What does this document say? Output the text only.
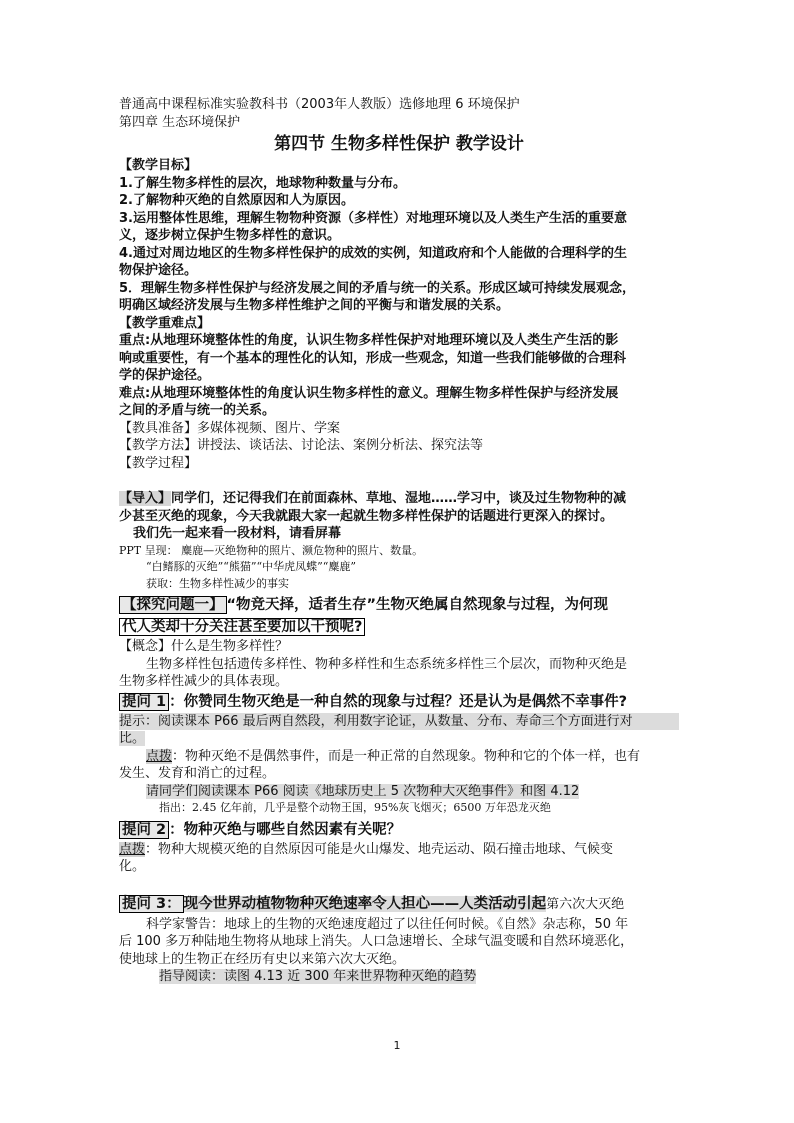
普通高中课程标准实验教科书（2003年人教版）选修地理 6 环境保护
第四章 生态环境保护
第四节 生物多样性保护 教学设计
【教学目标】
1.了解生物多样性的层次，地球物种数量与分布。
2.了解物种灭绝的自然原因和人为原因。
3.运用整体性思维，理解生物物种资源（多样性）对地理环境以及人类生产生活的重要意
义，逐步树立保护生物多样性的意识。
4.通过对周边地区的生物多样性保护的成效的实例，知道政府和个人能做的合理科学的生
物保护途径。
5．理解生物多样性保护与经济发展之间的矛盾与统一的关系。形成区域可持续发展观念，
明确区域经济发展与生物多样性维护之间的平衡与和谐发展的关系。
【教学重难点】
重点:从地理环境整体性的角度，认识生物多样性保护对地理环境以及人类生产生活的影
响或重要性，有一个基本的理性化的认知，形成一些观念，知道一些我们能够做的合理科
学的保护途径。
难点:从地理环境整体性的角度认识生物多样性的意义。理解生物多样性保护与经济发展
之间的矛盾与统一的关系。
【教具准备】多媒体视频、图片、学案
【教学方法】讲授法、谈话法、讨论法、案例分析法、探究法等
【教学过程】
【导入】同学们，还记得我们在前面森林、草地、湿地……学习中，谈及过生物物种的减
少甚至灭绝的现象，今天我就跟大家一起就生物多样性保护的话题进行更深入的探讨。
我们先一起来看一段材料，请看屏幕
PPT 呈现： 麋鹿—灭绝物种的照片、濒危物种的照片、数量。
“白鳍豚的灭绝”“熊猫”“中华虎凤蝶”“麋鹿”
获取：生物多样性减少的事实
【探究问题一】 “物竞天择，适者生存”生物灭绝属自然现象与过程，为何现
代人类却十分关注甚至要加以干预呢?
【概念】什么是生物多样性？
生物多样性包括遗传多样性、物种多样性和生态系统多样性三个层次，而物种灭绝是
生物多样性减少的具体表现。
提问 1 ：你赞同生物灭绝是一种自然的现象与过程？还是认为是偶然不幸事件?
提示：阅读课本 P66 最后两自然段，利用数字论证，从数量、分布、寿命三个方面进行对
比。
点拨：物种灭绝不是偶然事件，而是一种正常的自然现象。物种和它的个体一样，也有
发生、发育和消亡的过程。
请同学们阅读课本 P66 阅读《地球历史上 5 次物种大灭绝事件》和图 4.12
指出：2.45 亿年前，几乎是整个动物王国，95%灰飞烟灭；6500 万年恐龙灭绝
提问 2 ：物种灭绝与哪些自然因素有关呢？
点拨：物种大规模灭绝的自然原因可能是火山爆发、地壳运动、陨石撞击地球、气候变
化。
提问 3： 现今世界动植物物种灭绝速率令人担心——人类活动引起第六次大灭绝
科学家警告：地球上的生物的灭绝速度超过了以往任何时候。《自然》杂志称，50 年
后 100 多万种陆地生物将从地球上消失。人口急速增长、全球气温变暖和自然环境恶化，
使地球上的生物正在经历有史以来第六次大灭绝。
指导阅读：读图 4.13 近 300 年来世界物种灭绝的趋势
1
